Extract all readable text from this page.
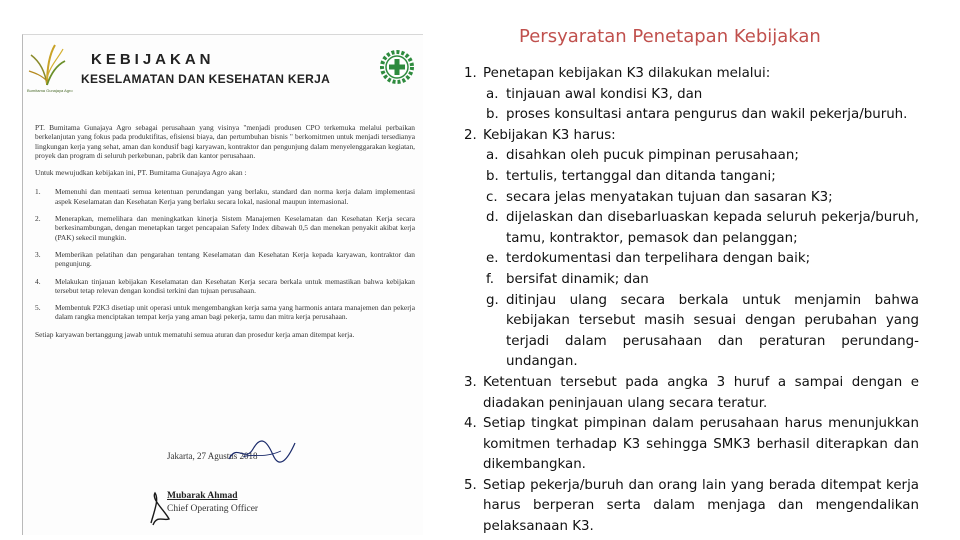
Bumitama Gunajaya Agro
KEBIJAKAN
KESELAMATAN DAN KESEHATAN KERJA

PT. Bumitama Gunajaya Agro sebagai perusahaan yang visinya "menjadi produsen CPO terkemuka melalui perbaikan berkelanjutan yang fokus pada produktifitas, efisiensi biaya, dan pertumbuhan bisnis " berkomitmen untuk menjadi tersedianya lingkungan kerja yang sehat, aman dan kondusif bagi karyawan, kontraktor dan pengunjung dalam menyelenggarakan kegiatan, proyek dan program di seluruh perkebunan, pabrik dan kantor perusahaan.

Untuk mewujudkan kebijakan ini, PT. Bumitama Gunajaya Agro akan :

1. Memenuhi dan mentaati semua ketentuan perundangan yang berlaku, standard dan norma kerja dalam implementasi aspek Keselamatan dan Kesehatan Kerja yang berlaku secara lokal, nasional maupun internasional.
2. Menerapkan, memelihara dan meningkatkan kinerja Sistem Manajemen Keselamatan dan Kesehatan Kerja secara berkesinambungan, dengan menetapkan target pencapaian Safety Index dibawah 0,5 dan menekan penyakit akibat kerja (PAK) sekecil mungkin.
3. Memberikan pelatihan dan pengarahan tentang Keselamatan dan Kesehatan Kerja kepada karyawan, kontraktor dan pengunjung.
4. Melakukan tinjauan kebijakan Keselamatan dan Kesehatan Kerja secara berkala untuk memastikan bahwa kebijakan tersebut tetap relevan dengan kondisi terkini dan tujuan perusahaan.
5. Membentuk P2K3 disetiap unit operasi untuk mengembangkan kerja sama yang harmonis antara manajemen dan pekerja dalam rangka menciptakan tempat kerja yang aman bagi pekerja, tamu dan mitra kerja perusahaan.

Setiap karyawan bertanggung jawab untuk mematuhi semua aturan dan prosedur kerja aman ditempat kerja.

Jakarta, 27 Agustus 2018
Mubarak Ahmad
Chief Operating Officer
Persyaratan Penetapan Kebijakan
1. Penetapan kebijakan K3 dilakukan melalui:
a. tinjauan awal kondisi K3, dan
b. proses konsultasi antara pengurus dan wakil pekerja/buruh.
2. Kebijakan K3 harus:
a. disahkan oleh pucuk pimpinan perusahaan;
b. tertulis, tertanggal dan ditanda tangani;
c. secara jelas menyatakan tujuan dan sasaran K3;
d. dijelaskan dan disebarluaskan kepada seluruh pekerja/buruh, tamu, kontraktor, pemasok dan pelanggan;
e. terdokumentasi dan terpelihara dengan baik;
f. bersifat dinamik; dan
g. ditinjau ulang secara berkala untuk menjamin bahwa kebijakan tersebut masih sesuai dengan perubahan yang terjadi dalam perusahaan dan peraturan perundang-undangan.
3. Ketentuan tersebut pada angka 3 huruf a sampai dengan e diadakan peninjauan ulang secara teratur.
4. Setiap tingkat pimpinan dalam perusahaan harus menunjukkan komitmen terhadap K3 sehingga SMK3 berhasil diterapkan dan dikembangkan.
5. Setiap pekerja/buruh dan orang lain yang berada ditempat kerja harus berperan serta dalam menjaga dan mengendalikan pelaksanaan K3.
